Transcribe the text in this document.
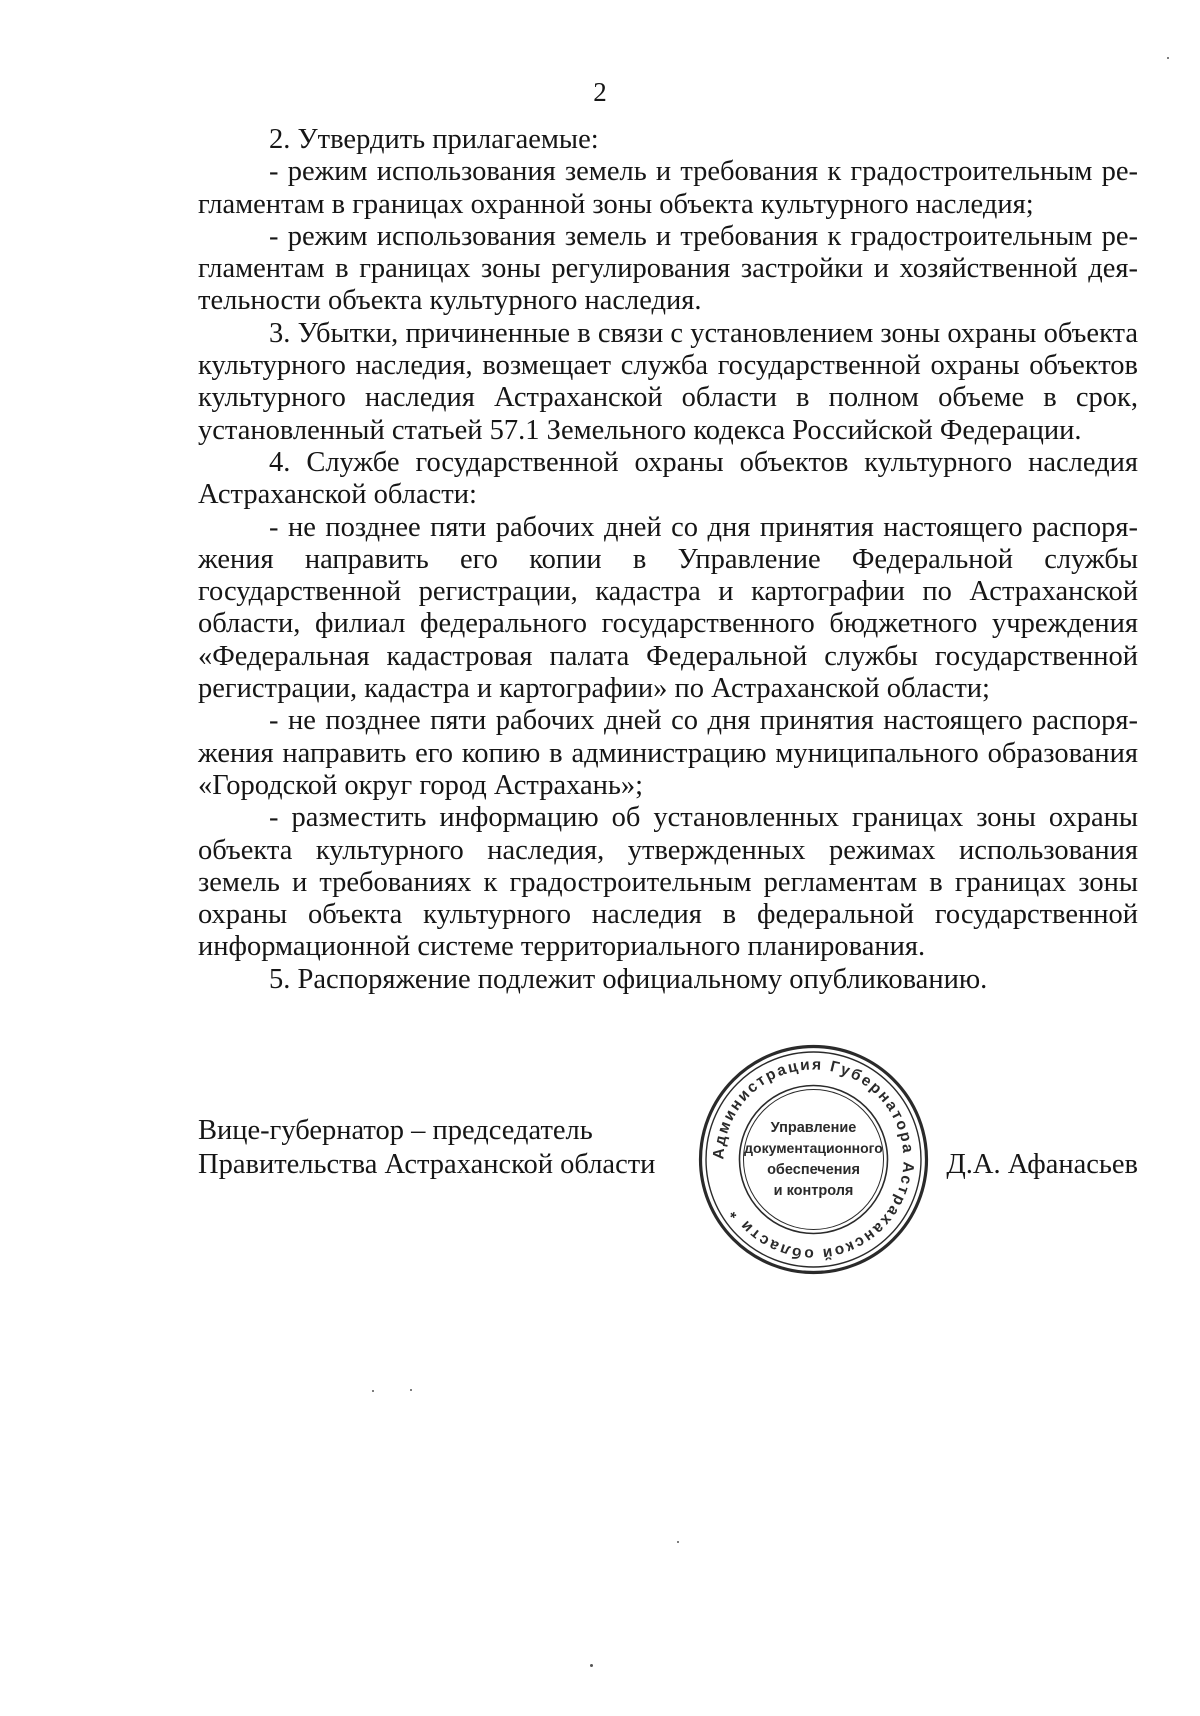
2

2. Утвердить прилагаемые:

- режим использования земель и требования к градостроительным регламентам в границах охранной зоны объекта культурного наследия;

- режим использования земель и требования к градостроительным регламентам в границах зоны регулирования застройки и хозяйственной деятельности объекта культурного наследия.

3. Убытки, причиненные в связи с установлением зоны охраны объекта культурного наследия, возмещает служба государственной охраны объектов культурного наследия Астраханской области в полном объеме в срок, установленный статьей 57.1 Земельного кодекса Российской Федерации.

4. Службе государственной охраны объектов культурного наследия Астраханской области:

- не позднее пяти рабочих дней со дня принятия настоящего распоряжения направить его копии в Управление Федеральной службы государственной регистрации, кадастра и картографии по Астраханской области, филиал федерального государственного бюджетного учреждения «Федеральная кадастровая палата Федеральной службы государственной регистрации, кадастра и картографии» по Астраханской области;

- не позднее пяти рабочих дней со дня принятия настоящего распоряжения направить его копию в администрацию муниципального образования «Городской округ город Астрахань»;

- разместить информацию об установленных границах зоны охраны объекта культурного наследия, утвержденных режимах использования земель и требованиях к градостроительным регламентам в границах зоны охраны объекта культурного наследия в федеральной государственной информационной системе территориального планирования.

5. Распоряжение подлежит официальному опубликованию.

Вице-губернатор – председатель
Правительства Астраханской области	Администрация Губернатора Астраханской области *
Управление
документационного
обеспечения
и контроля
Д.А. Афанасьев
